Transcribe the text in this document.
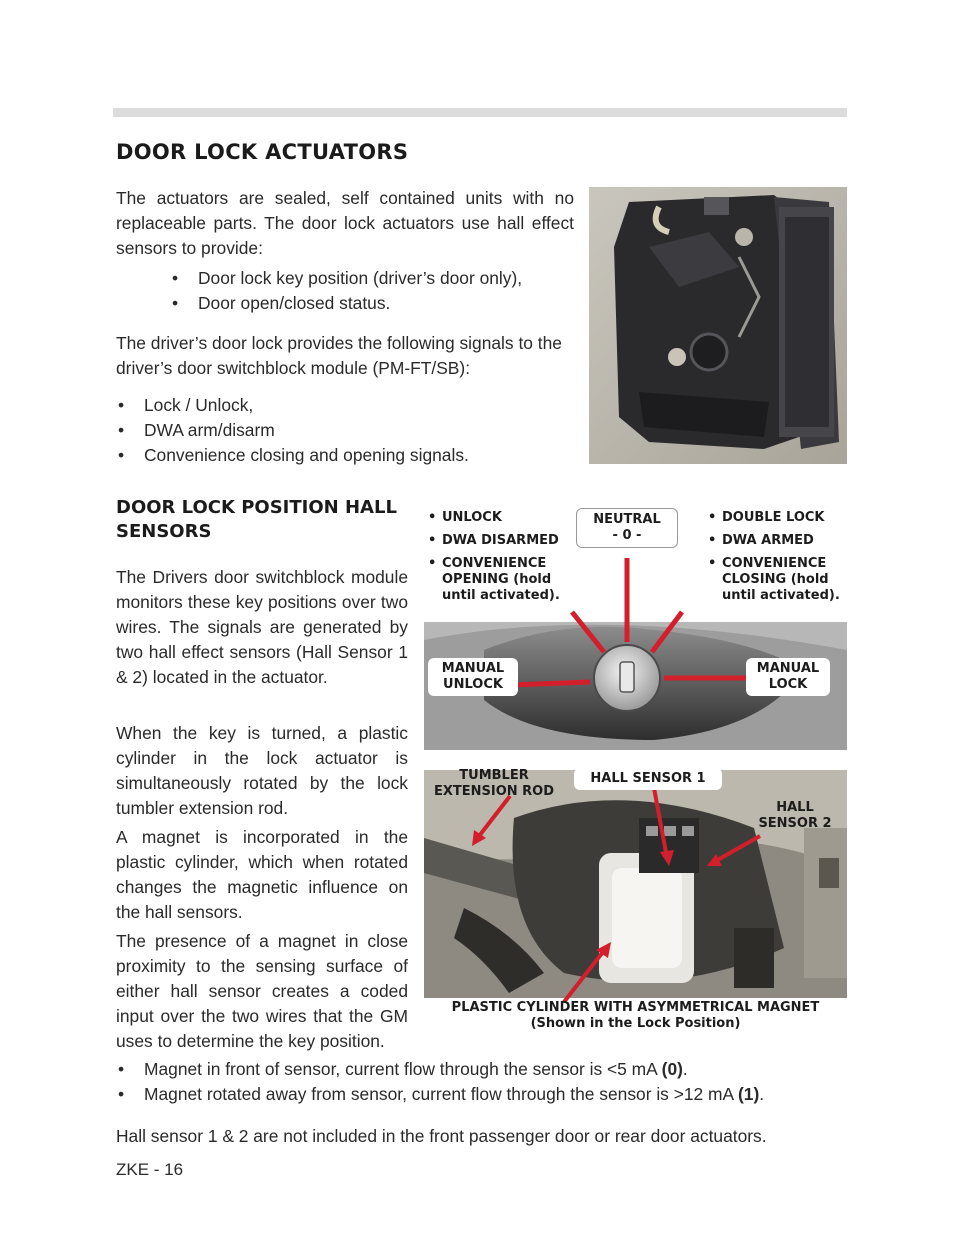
DOOR LOCK ACTUATORS

The actuators are sealed, self contained units with no replaceable parts. The door lock actuators use hall effect sensors to provide:

• Door lock key position (driver’s door only),
• Door open/closed status.

The driver’s door lock provides the following signals to the driver’s door switchblock module (PM-FT/SB):

• Lock / Unlock,
• DWA arm/disarm
• Convenience closing and opening signals.
DOOR LOCK POSITION HALL SENSORS

The Drivers door switchblock module monitors these key positions over two wires. The signals are generated by two hall effect sensors (Hall Sensor 1 & 2) located in the actuator.

When the key is turned, a plastic cylinder in the lock actuator is simultaneously rotated by the lock tumbler extension rod.

A magnet is incorporated in the plastic cylinder, which when rotated changes the magnetic influence on the hall sensors.

The presence of a magnet in close proximity to the sensing surface of either hall sensor creates a coded input over the two wires that the GM uses to determine the key position.

• UNLOCK
• DWA DISARMED
• CONVENIENCE OPENING (hold until activated).
NEUTRAL
- 0 -
• DOUBLE LOCK
• DWA ARMED
• CONVENIENCE CLOSING (hold until activated).
MANUAL
UNLOCK
MANUAL
LOCK
TUMBLER
EXTENSION ROD
HALL SENSOR 1
HALL
SENSOR 2
PLASTIC CYLINDER WITH ASYMMETRICAL MAGNET
(Shown in the Lock Position)
• Magnet in front of sensor, current flow through the sensor is <5 mA (0).
• Magnet rotated away from sensor, current flow through the sensor is >12 mA (1).

Hall sensor 1 & 2 are not included in the front passenger door or rear door actuators.

ZKE - 16
